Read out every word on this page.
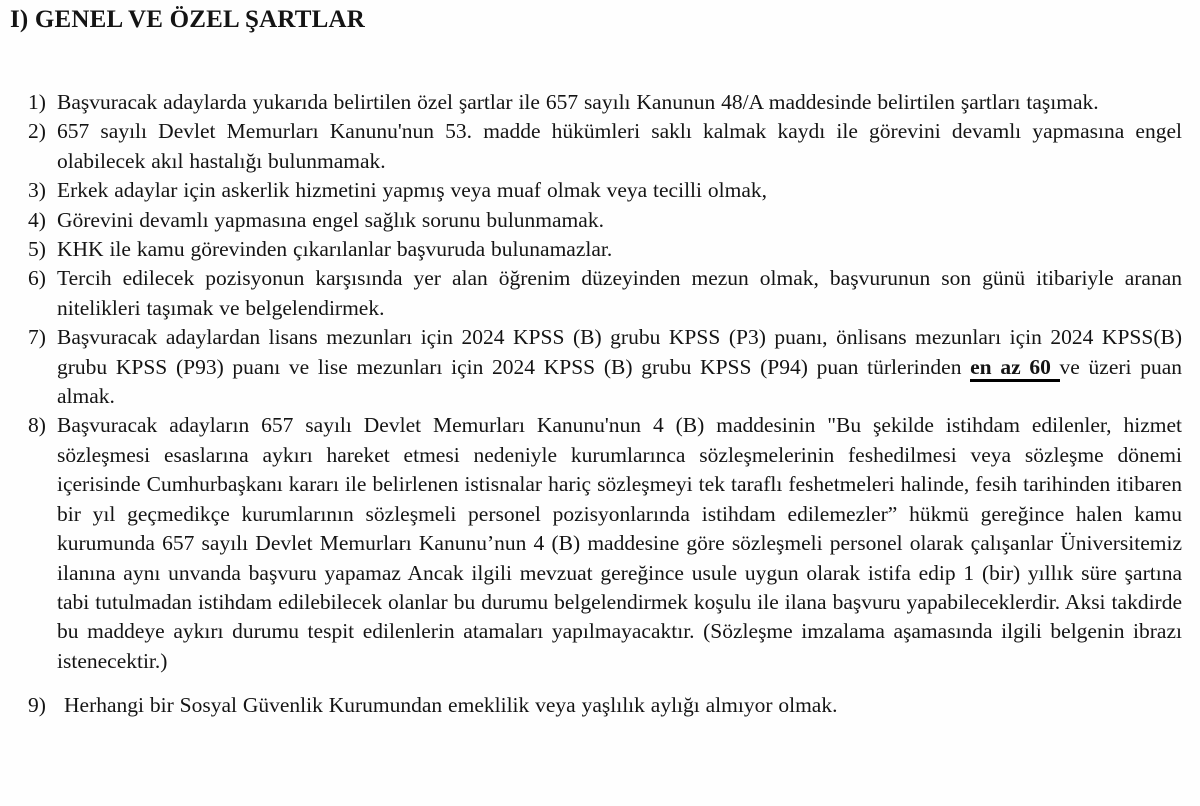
I) GENEL VE ÖZEL ŞARTLAR
1) Başvuracak adaylarda yukarıda belirtilen özel şartlar ile 657 sayılı Kanunun 48/A maddesinde belirtilen şartları taşımak.
2) 657 sayılı Devlet Memurları Kanunu'nun 53. madde hükümleri saklı kalmak kaydı ile görevini devamlı yapmasına engel olabilecek akıl hastalığı bulunmamak.
3) Erkek adaylar için askerlik hizmetini yapmış veya muaf olmak veya tecilli olmak,
4) Görevini devamlı yapmasına engel sağlık sorunu bulunmamak.
5) KHK ile kamu görevinden çıkarılanlar başvuruda bulunamazlar.
6) Tercih edilecek pozisyonun karşısında yer alan öğrenim düzeyinden mezun olmak, başvurunun son günü itibariyle aranan nitelikleri taşımak ve belgelendirmek.
7) Başvuracak adaylardan lisans mezunları için 2024 KPSS (B) grubu KPSS (P3) puanı, önlisans mezunları için 2024 KPSS(B) grubu KPSS (P93) puanı ve lise mezunları için 2024 KPSS (B) grubu KPSS (P94) puan türlerinden en az 60 ve üzeri puan almak.
8) Başvuracak adayların 657 sayılı Devlet Memurları Kanunu'nun 4 (B) maddesinin "Bu şekilde istihdam edilenler, hizmet sözleşmesi esaslarına aykırı hareket etmesi nedeniyle kurumlarınca sözleşmelerinin feshedilmesi veya sözleşme dönemi içerisinde Cumhurbaşkanı kararı ile belirlenen istisnalar hariç sözleşmeyi tek taraflı feshetmeleri halinde, fesih tarihinden itibaren bir yıl geçmedikçe kurumlarının sözleşmeli personel pozisyonlarında istihdam edilemezler” hükmü gereğince halen kamu kurumunda 657 sayılı Devlet Memurları Kanunu’nun 4 (B) maddesine göre sözleşmeli personel olarak çalışanlar Üniversitemiz ilanına aynı unvanda başvuru yapamaz Ancak ilgili mevzuat gereğince usule uygun olarak istifa edip 1 (bir) yıllık süre şartına tabi tutulmadan istihdam edilebilecek olanlar bu durumu belgelendirmek koşulu ile ilana başvuru yapabileceklerdir. Aksi takdirde bu maddeye aykırı durumu tespit edilenlerin atamaları yapılmayacaktır. (Sözleşme imzalama aşamasında ilgili belgenin ibrazı istenecektir.)
9) Herhangi bir Sosyal Güvenlik Kurumundan emeklilik veya yaşlılık aylığı almıyor olmak.
